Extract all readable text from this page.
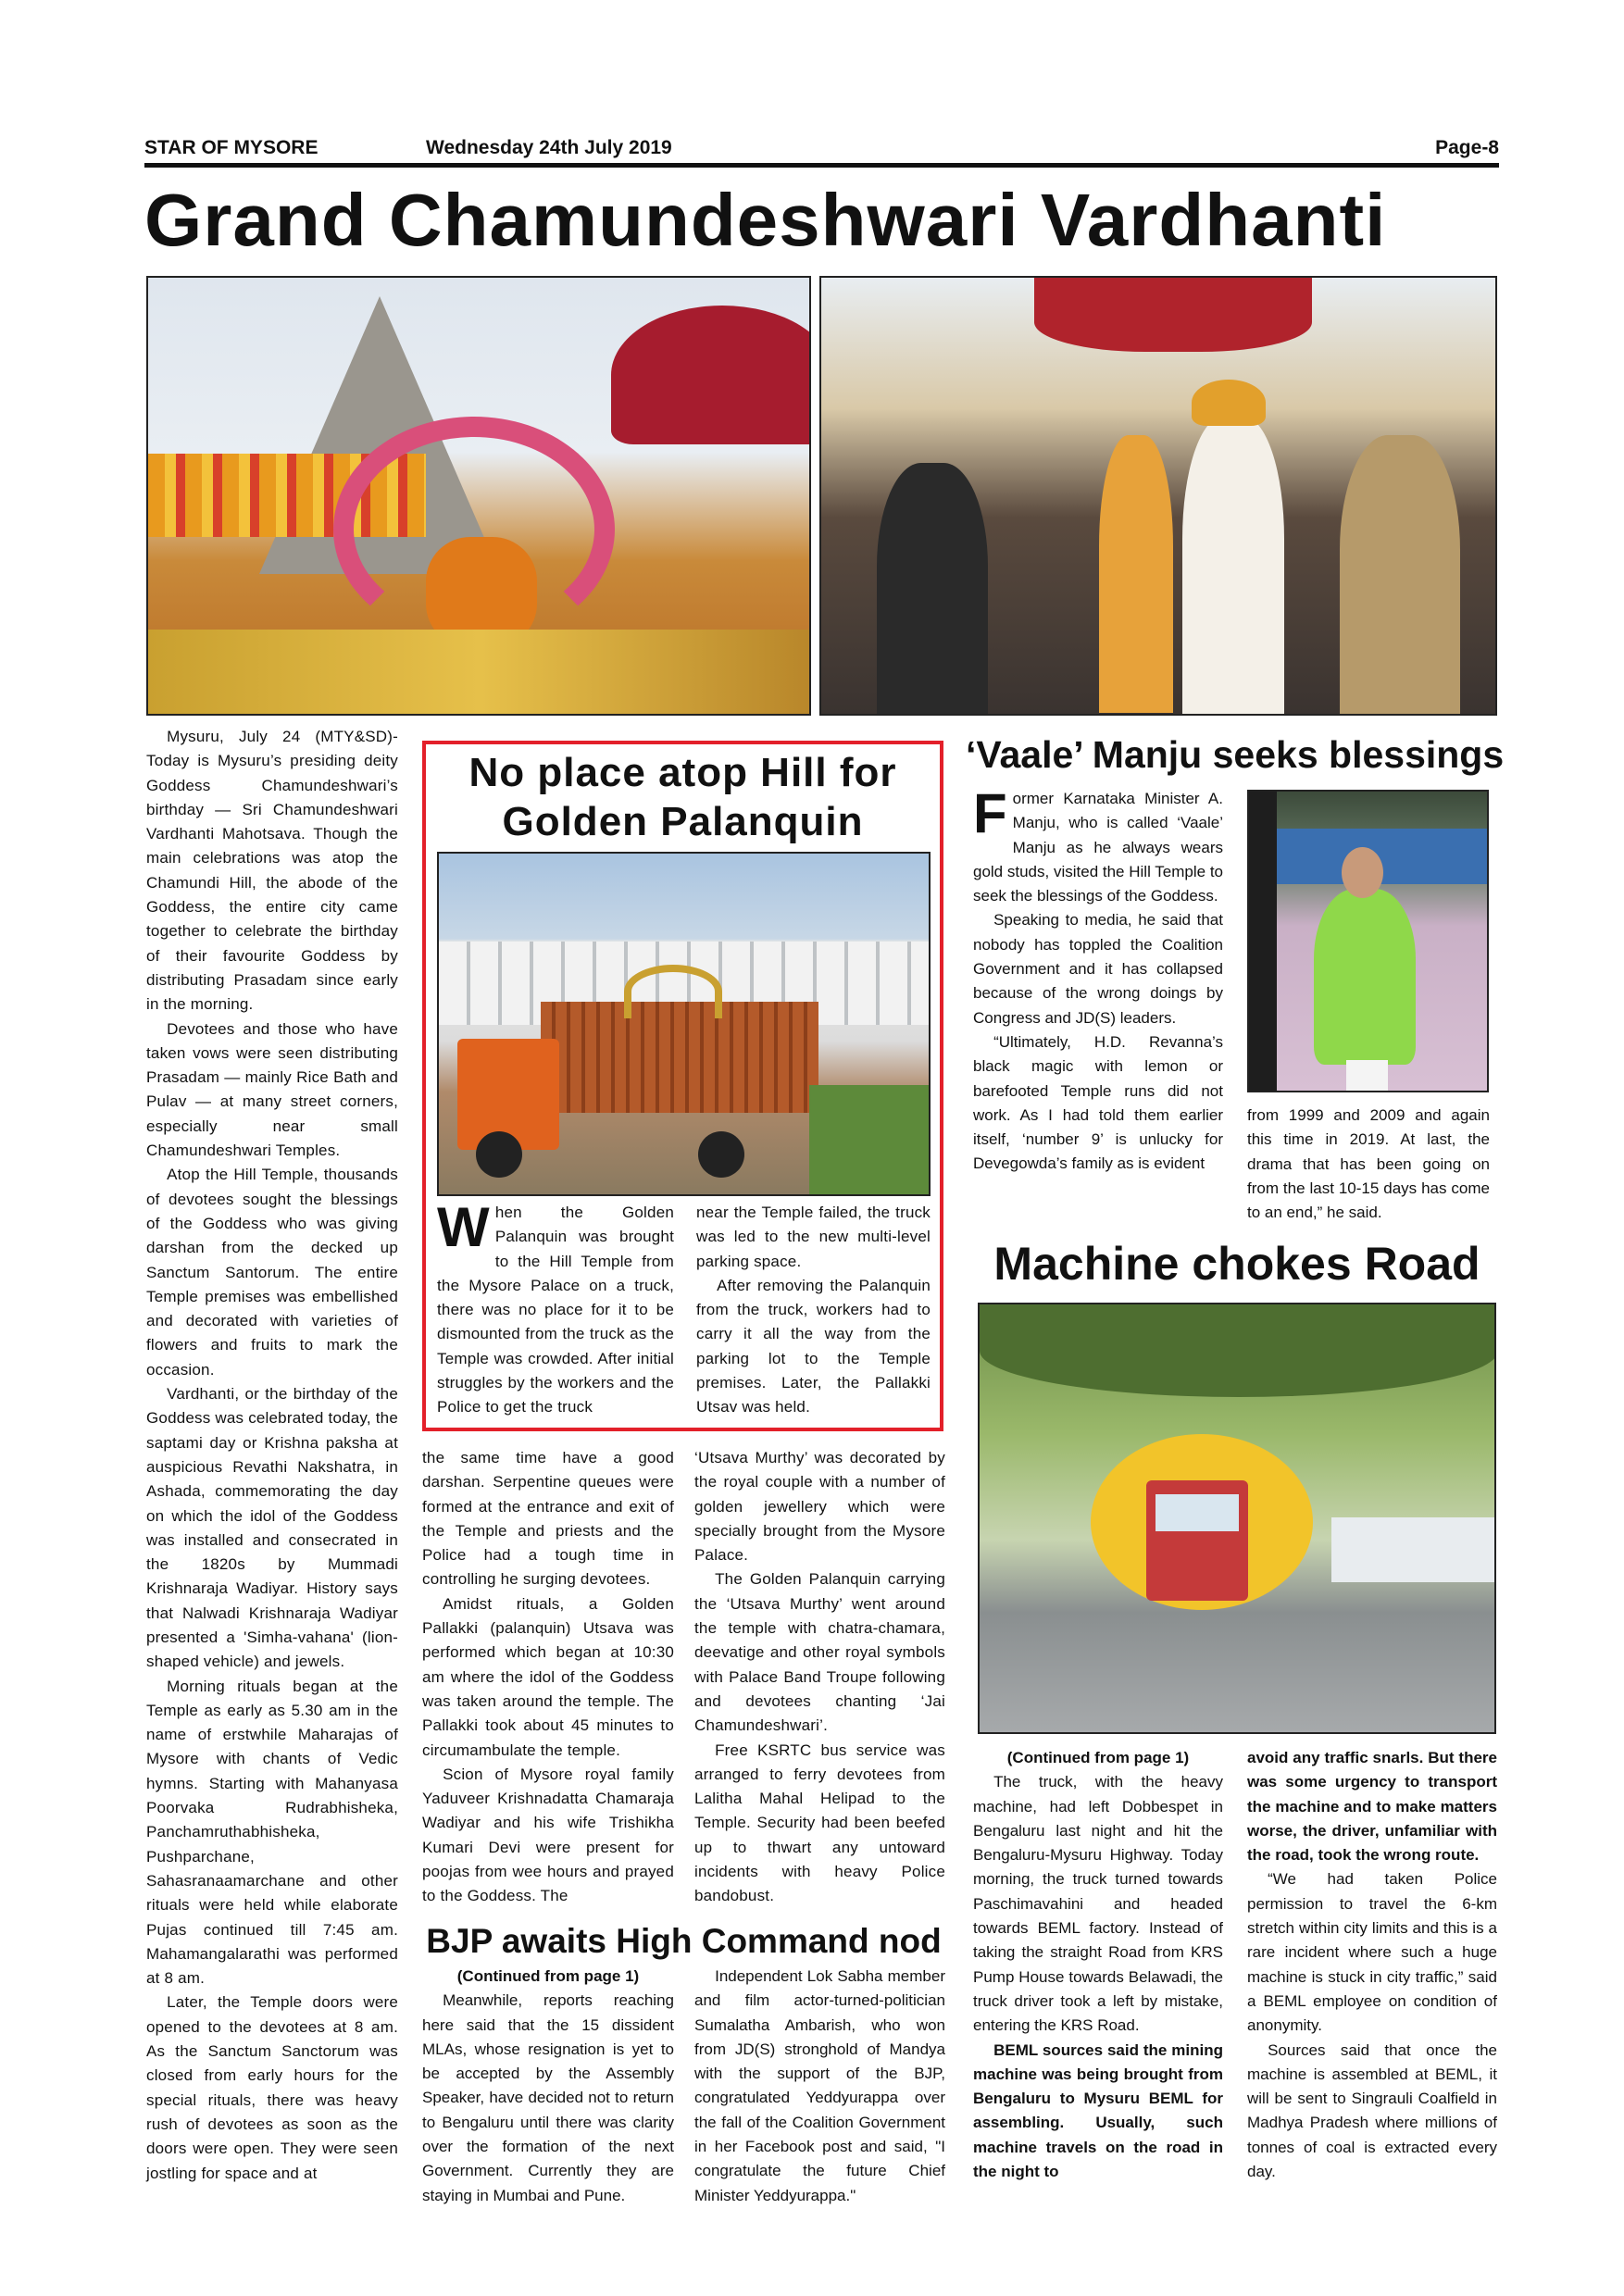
STAR OF MYSORE	Wednesday 24th July 2019	Page-8
Grand Chamundeshwari Vardhanti

Mysuru, July 24 (MTY&SD)- Today is Mysuru’s presiding deity Goddess Chamundeshwari’s birthday — Sri Chamundeshwari Vardhanti Mahotsava. Though the main celebrations was atop the Chamundi Hill, the abode of the Goddess, the entire city came together to celebrate the birthday of their favourite Goddess by distributing Prasadam since early in the morning.

Devotees and those who have taken vows were seen distributing Prasadam — mainly Rice Bath and Pulav — at many street corners, especially near small Chamundeshwari Temples.

Atop the Hill Temple, thousands of devotees sought the blessings of the Goddess who was giving darshan from the decked up Sanctum Santorum. The entire Temple premises was embellished and decorated with varieties of flowers and fruits to mark the occasion.

Vardhanti, or the birthday of the Goddess was celebrated today, the saptami day or Krishna paksha at auspicious Revathi Nakshatra, in Ashada, commemorating the day on which the idol of the Goddess was installed and consecrated in the 1820s by Mummadi Krishnaraja Wadiyar. History says that Nalwadi Krishnaraja Wadiyar presented a 'Simha-vahana' (lion-shaped vehicle) and jewels.

Morning rituals began at the Temple as early as 5.30 am in the name of erstwhile Maharajas of Mysore with chants of Vedic hymns. Starting with Mahanyasa Poorvaka Rudrabhisheka, Panchamruthabhisheka, Pushparchane, Sahasranaamarchane and other rituals were held while elaborate Pujas continued till 7:45 am. Mahamangalarathi was performed at 8 am.

Later, the Temple doors were opened to the devotees at 8 am. As the Sanctum Sanctorum was closed from early hours for the special rituals, there was heavy rush of devotees as soon as the doors were open. They were seen jostling for space and at

the same time have a good darshan. Serpentine queues were formed at the entrance and exit of the Temple and priests and the Police had a tough time in controlling he surging devotees.

Amidst rituals, a Golden Pallakki (palanquin) Utsava was performed which began at 10:30 am where the idol of the Goddess was taken around the temple. The Pallakki took about 45 minutes to circumambulate the temple.

Scion of Mysore royal family Yaduveer Krishnadatta Chamaraja Wadiyar and his wife Trishikha Kumari Devi were present for poojas from wee hours and prayed to the Goddess. The

‘Utsava Murthy’ was decorated by the royal couple with a number of golden jewellery which were specially brought from the Mysore Palace.

The Golden Palanquin carrying the ‘Utsava Murthy’ went around the temple with chatra-chamara, deevatige and other royal symbols with Palace Band Troupe following and devotees chanting ‘Jai Chamundeshwari’.

Free KSRTC bus service was arranged to ferry devotees from Lalitha Mahal Helipad to the Temple. Security had been beefed up to thwart any untoward incidents with heavy Police bandobust.

No place atop Hill for Golden Palanquin
W hen the Golden Palanquin was brought to the Hill Temple from the Mysore Palace on a truck, there was no place for it to be dismounted from the truck as the Temple was crowded. After initial struggles by the workers and the Police to get the truck

near the Temple failed, the truck was led to the new multi-level parking space.

After removing the Palanquin from the truck, workers had to carry it all the way from the parking lot to the Temple premises. Later, the Pallakki Utsav was held.

BJP awaits High Command nod

(Continued from page 1)

Meanwhile, reports reaching here said that the 15 dissident MLAs, whose resignation is yet to be accepted by the Assembly Speaker, have decided not to return to Bengaluru until there was clarity over the formation of the next Government. Currently they are staying in Mumbai and Pune.

Independent Lok Sabha member and film actor-turned-politician Sumalatha Ambarish, who won from JD(S) stronghold of Mandya with the support of the BJP, congratulated Yeddyurappa over the fall of the Coalition Government in her Facebook post and said, "I congratulate the future Chief Minister Yeddyurappa."

‘Vaale’ Manju seeks blessings
F ormer Karnataka Minister A. Manju, who is called ‘Vaale’ Manju as he always wears gold studs, visited the Hill Temple to seek the blessings of the Goddess.

Speaking to media, he said that nobody has toppled the Coalition Government and it has collapsed because of the wrong doings by Congress and JD(S) leaders.

“Ultimately, H.D. Revanna’s black magic with lemon or barefooted Temple runs did not work. As I had told them earlier itself, ‘number 9’ is unlucky for Devegowda’s family as is evident

from 1999 and 2009 and again this time in 2019. At last, the drama that has been going on from the last 10-15 days has come to an end,” he said.

Machine chokes Road

(Continued from page 1)

The truck, with the heavy machine, had left Dobbespet in Bengaluru last night and hit the Bengaluru-Mysuru Highway. Today morning, the truck turned towards Paschimavahini and headed towards BEML factory. Instead of taking the straight Road from KRS Pump House towards Belawadi, the truck driver took a left by mistake, entering the KRS Road.

BEML sources said the mining machine was being brought from Bengaluru to Mysuru BEML for assembling. Usually, such machine travels on the road in the night to

avoid any traffic snarls. But there was some urgency to transport the machine and to make matters worse, the driver, unfamiliar with the road, took the wrong route.

“We had taken Police permission to travel the 6-km stretch within city limits and this is a rare incident where such a huge machine is stuck in city traffic,” said a BEML employee on condition of anonymity.

Sources said that once the machine is assembled at BEML, it will be sent to Singrauli Coalfield in Madhya Pradesh where millions of tonnes of coal is extracted every day.
